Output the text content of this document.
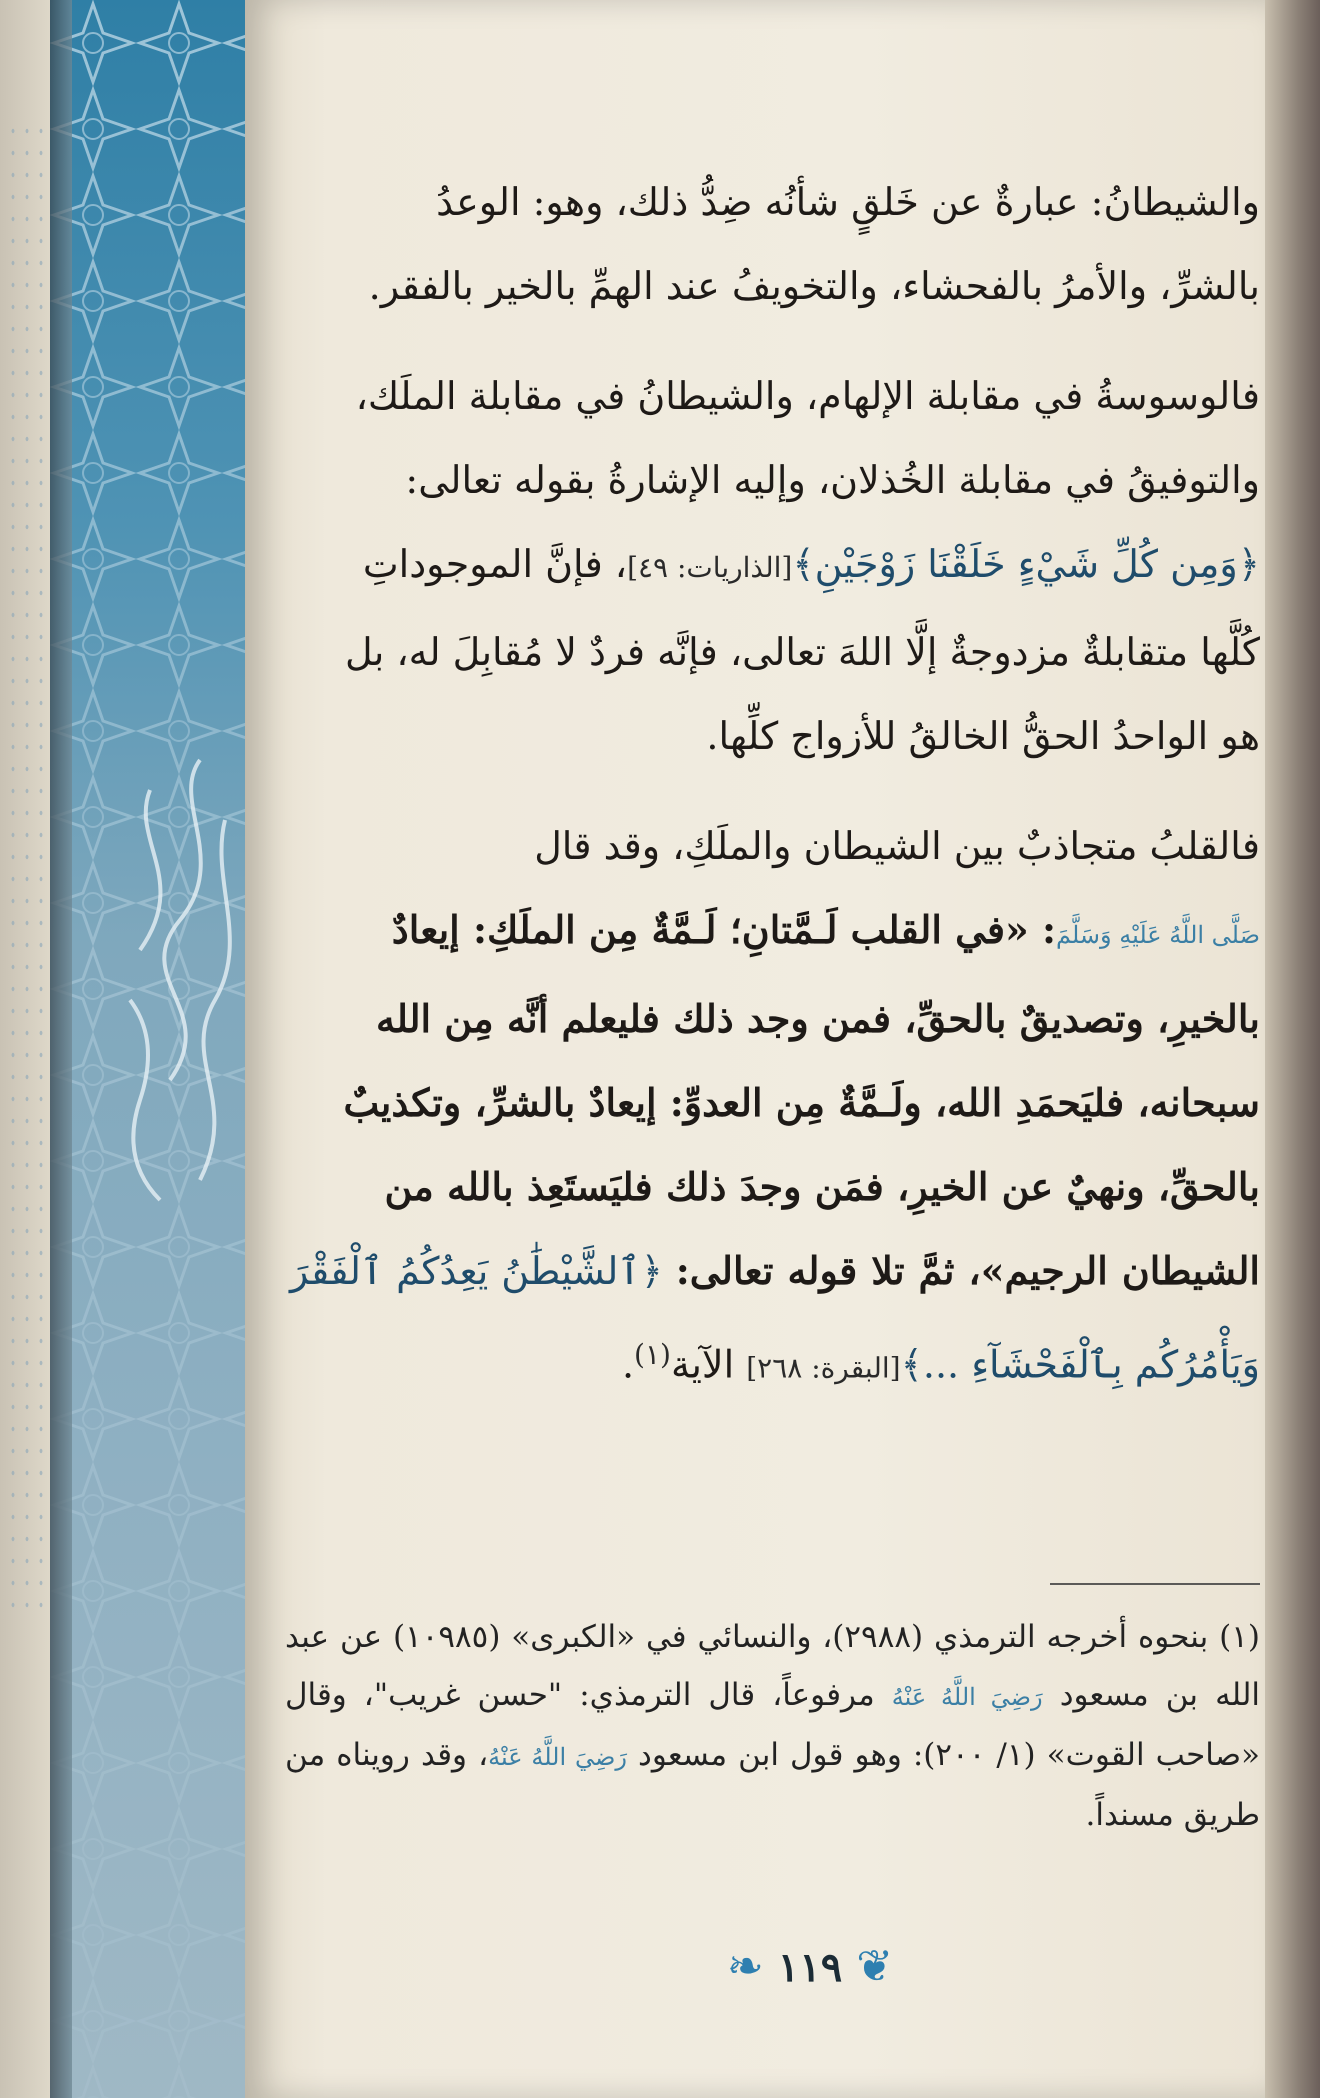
والشيطانُ: عبارةٌ عن خَلقٍ شأنُه ضِدُّ ذلك، وهو: الوعدُ
بالشرِّ، والأمرُ بالفحشاء، والتخويفُ عند الهمِّ بالخير بالفقر.

فالوسوسةُ في مقابلة الإلهام، والشيطانُ في مقابلة الملَك،
والتوفيقُ في مقابلة الخُذلان، وإليه الإشارةُ بقوله تعالى:
﴿وَمِن كُلِّ شَيْءٍ خَلَقْنَا زَوْجَيْنِ﴾[الذاريات: ٤٩]، فإنَّ الموجوداتِ
كُلَّها متقابلةٌ مزدوجةٌ إلَّا اللهَ تعالى، فإنَّه فردٌ لا مُقابِلَ له، بل
هو الواحدُ الحقُّ الخالقُ للأزواج كلِّها.

فالقلبُ متجاذبٌ بين الشيطان والملَكِ، وقد قال
صَلَّى اللَّهُ عَلَيْهِ وَسَلَّمَ: «في القلب لَـمَّتانِ؛ لَـمَّةٌ مِن الملَكِ: إيعادٌ
بالخيرِ، وتصديقٌ بالحقِّ، فمن وجد ذلك فليعلم أنَّه مِن الله
سبحانه، فليَحمَدِ الله، ولَـمَّةٌ مِن العدوِّ: إيعادٌ بالشرِّ، وتكذيبٌ
بالحقِّ، ونهيٌ عن الخيرِ، فمَن وجدَ ذلك فليَستَعِذ بالله من
الشيطان الرجيم»، ثمَّ تلا قوله تعالى: ﴿ٱلشَّيْطَٰنُ يَعِدُكُمُ ٱلْفَقْرَ وَيَأْمُرُكُم بِٱلْفَحْشَآءِ ...﴾[البقرة: ٢٦٨] الآية$^{(١)}$.

(١) بنحوه أخرجه الترمذي (٢٩٨٨)، والنسائي في «الكبرى» (١٠٩٨٥) عن عبد الله بن مسعود رَضِيَ اللَّهُ عَنْهُ مرفوعاً، قال الترمذي: "حسن غريب"، وقال «صاحب القوت» (١/ ٢٠٠): وهو قول ابن مسعود رَضِيَ اللَّهُ عَنْهُ، وقد رويناه من طريق مسنداً.
❦
١١٩
❧
